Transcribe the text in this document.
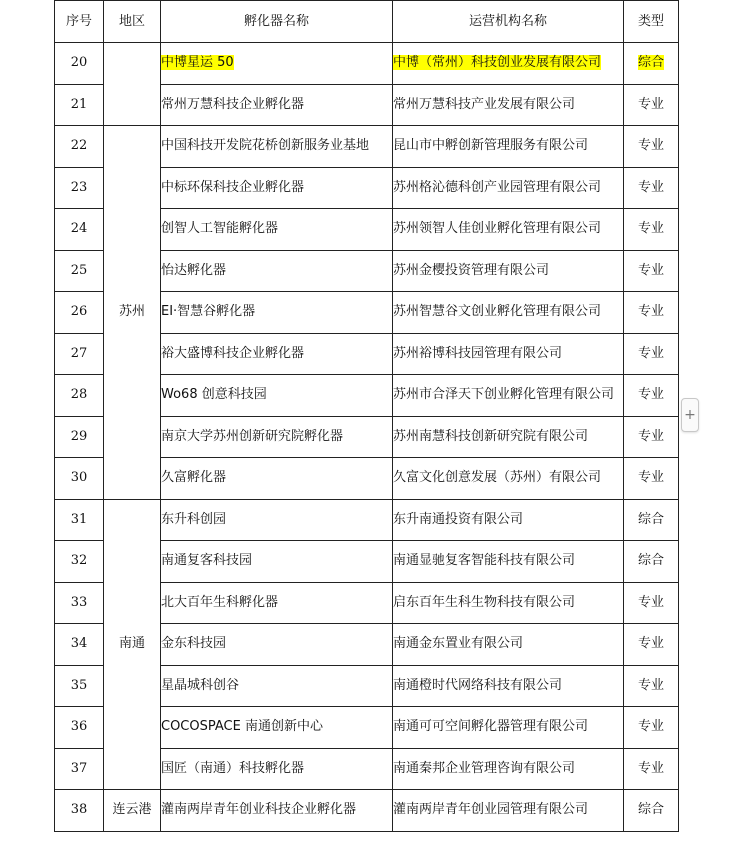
序号	地区	孵化器名称	运营机构名称	类型
20		中博星运 50	中博（常州）科技创业发展有限公司	综合
21		常州万慧科技企业孵化器	常州万慧科技产业发展有限公司	专业
22	苏州	中国科技开发院花桥创新服务业基地	昆山市中孵创新管理服务有限公司	专业
23		中标环保科技企业孵化器	苏州格沁德科创产业园管理有限公司	专业
24		创智人工智能孵化器	苏州领智人佳创业孵化管理有限公司	专业
25		怡达孵化器	苏州金樱投资管理有限公司	专业
26		EI·智慧谷孵化器	苏州智慧谷文创业孵化管理有限公司	专业
27		裕大盛博科技企业孵化器	苏州裕博科技园管理有限公司	专业
28		Wo68 创意科技园	苏州市合泽天下创业孵化管理有限公司	专业
29		南京大学苏州创新研究院孵化器	苏州南慧科技创新研究院有限公司	专业
30		久富孵化器	久富文化创意发展（苏州）有限公司	专业
31	南通	东升科创园	东升南通投资有限公司	综合
32		南通复客科技园	南通显驰复客智能科技有限公司	综合
33		北大百年生科孵化器	启东百年生科生物科技有限公司	专业
34		金东科技园	南通金东置业有限公司	专业
35		星晶城科创谷	南通橙时代网络科技有限公司	专业
36		COCOSPACE 南通创新中心	南通可可空间孵化器管理有限公司	专业
37		国匠（南通）科技孵化器	南通秦邦企业管理咨询有限公司	专业
38	连云港	灌南两岸青年创业科技企业孵化器	灌南两岸青年创业园管理有限公司	综合
+
